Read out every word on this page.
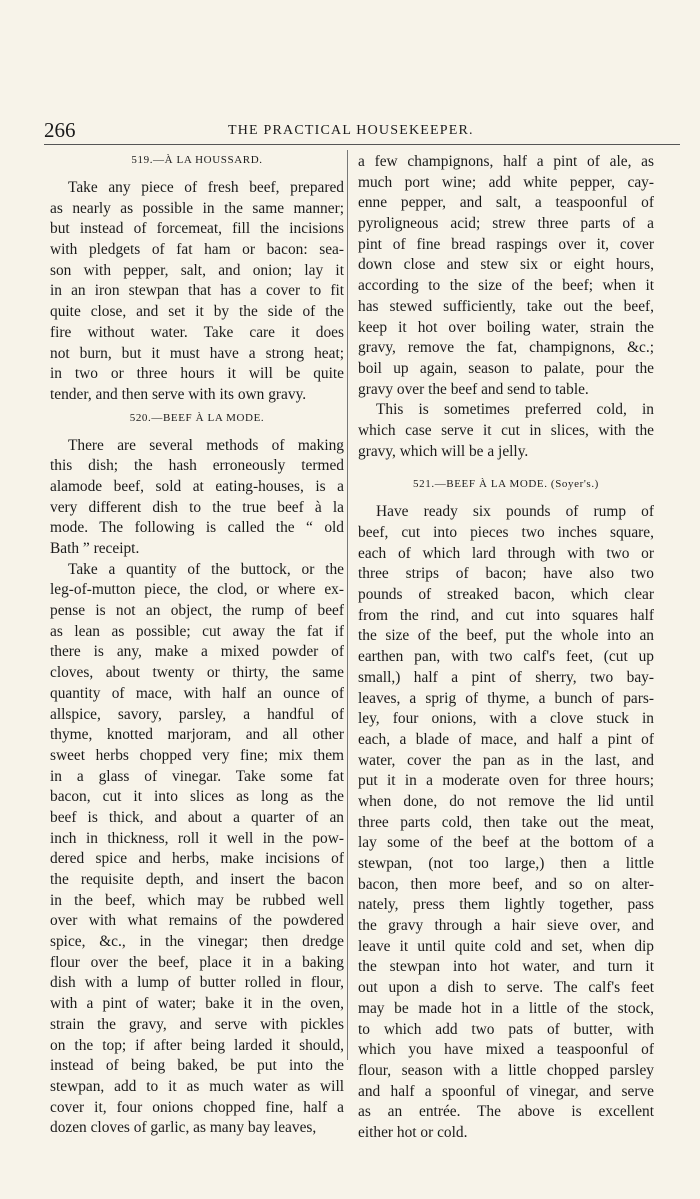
266	THE PRACTICAL HOUSEKEEPER.
519.—À LA HOUSSARD.
Take any piece of fresh beef, prepared
as nearly as possible in the same manner;
but instead of forcemeat, fill the incisions
with pledgets of fat ham or bacon: sea-
son with pepper, salt, and onion; lay it
in an iron stewpan that has a cover to fit
quite close, and set it by the side of the
fire without water. Take care it does
not burn, but it must have a strong heat;
in two or three hours it will be quite
tender, and then serve with its own gravy.
520.—BEEF À LA MODE.
There are several methods of making
this dish; the hash erroneously termed
alamode beef, sold at eating-houses, is a
very different dish to the true beef à la
mode. The following is called the “ old
Bath ” receipt.
Take a quantity of the buttock, or the
leg-of-mutton piece, the clod, or where ex-
pense is not an object, the rump of beef
as lean as possible; cut away the fat if
there is any, make a mixed powder of
cloves, about twenty or thirty, the same
quantity of mace, with half an ounce of
allspice, savory, parsley, a handful of
thyme, knotted marjoram, and all other
sweet herbs chopped very fine; mix them
in a glass of vinegar. Take some fat
bacon, cut it into slices as long as the
beef is thick, and about a quarter of an
inch in thickness, roll it well in the pow-
dered spice and herbs, make incisions of
the requisite depth, and insert the bacon
in the beef, which may be rubbed well
over with what remains of the powdered
spice, &c., in the vinegar; then dredge
flour over the beef, place it in a baking
dish with a lump of butter rolled in flour,
with a pint of water; bake it in the oven,
strain the gravy, and serve with pickles
on the top; if after being larded it should,
instead of being baked, be put into the
stewpan, add to it as much water as will
cover it, four onions chopped fine, half a
dozen cloves of garlic, as many bay leaves,
a few champignons, half a pint of ale, as
much port wine; add white pepper, cay-
enne pepper, and salt, a teaspoonful of
pyroligneous acid; strew three parts of a
pint of fine bread raspings over it, cover
down close and stew six or eight hours,
according to the size of the beef; when it
has stewed sufficiently, take out the beef,
keep it hot over boiling water, strain the
gravy, remove the fat, champignons, &c.;
boil up again, season to palate, pour the
gravy over the beef and send to table.
This is sometimes preferred cold, in
which case serve it cut in slices, with the
gravy, which will be a jelly.
521.—BEEF À LA MODE. (Soyer's.)
Have ready six pounds of rump of
beef, cut into pieces two inches square,
each of which lard through with two or
three strips of bacon; have also two
pounds of streaked bacon, which clear
from the rind, and cut into squares half
the size of the beef, put the whole into an
earthen pan, with two calf's feet, (cut up
small,) half a pint of sherry, two bay-
leaves, a sprig of thyme, a bunch of pars-
ley, four onions, with a clove stuck in
each, a blade of mace, and half a pint of
water, cover the pan as in the last, and
put it in a moderate oven for three hours;
when done, do not remove the lid until
three parts cold, then take out the meat,
lay some of the beef at the bottom of a
stewpan, (not too large,) then a little
bacon, then more beef, and so on alter-
nately, press them lightly together, pass
the gravy through a hair sieve over, and
leave it until quite cold and set, when dip
the stewpan into hot water, and turn it
out upon a dish to serve. The calf's feet
may be made hot in a little of the stock,
to which add two pats of butter, with
which you have mixed a teaspoonful of
flour, season with a little chopped parsley
and half a spoonful of vinegar, and serve
as an entrée. The above is excellent
either hot or cold.
